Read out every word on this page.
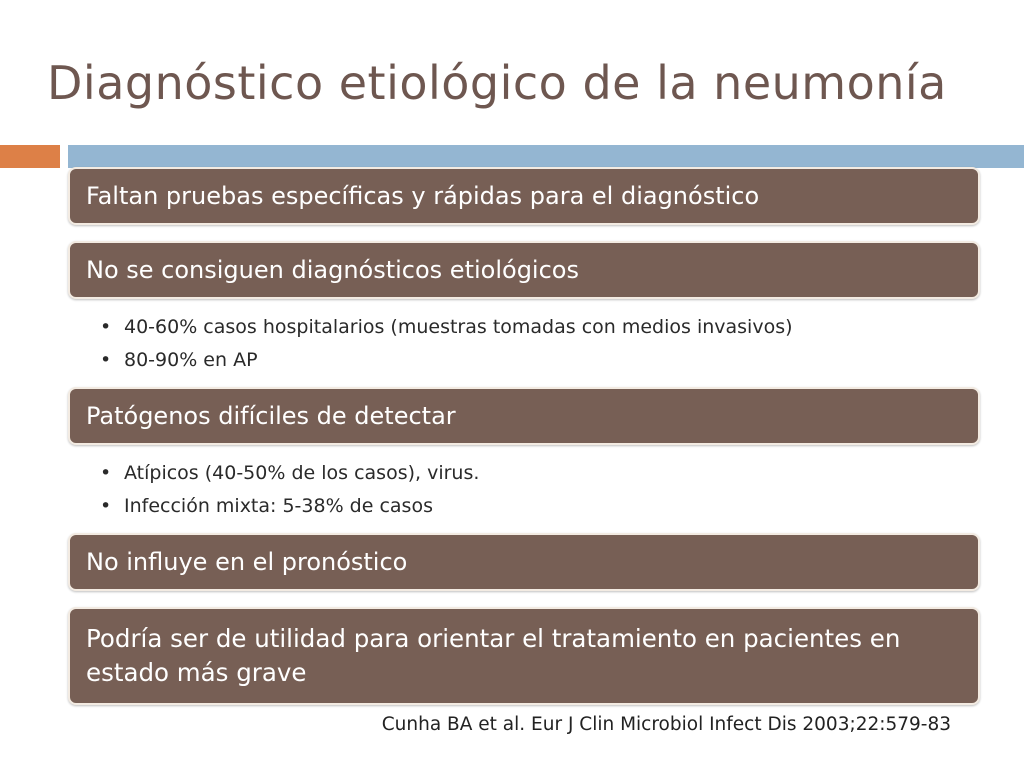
Diagnóstico etiológico de la neumonía
Faltan pruebas específicas y rápidas para el diagnóstico
No se consiguen diagnósticos etiológicos
• 40-60% casos hospitalarios (muestras tomadas con medios invasivos)
• 80-90% en AP
Patógenos difíciles de detectar
• Atípicos (40-50% de los casos), virus.
• Infección mixta: 5-38% de casos
No influye en el pronóstico
Podría ser de utilidad para orientar el tratamiento en pacientes en estado más grave
Cunha BA et al. Eur J Clin Microbiol Infect Dis 2003;22:579-83
